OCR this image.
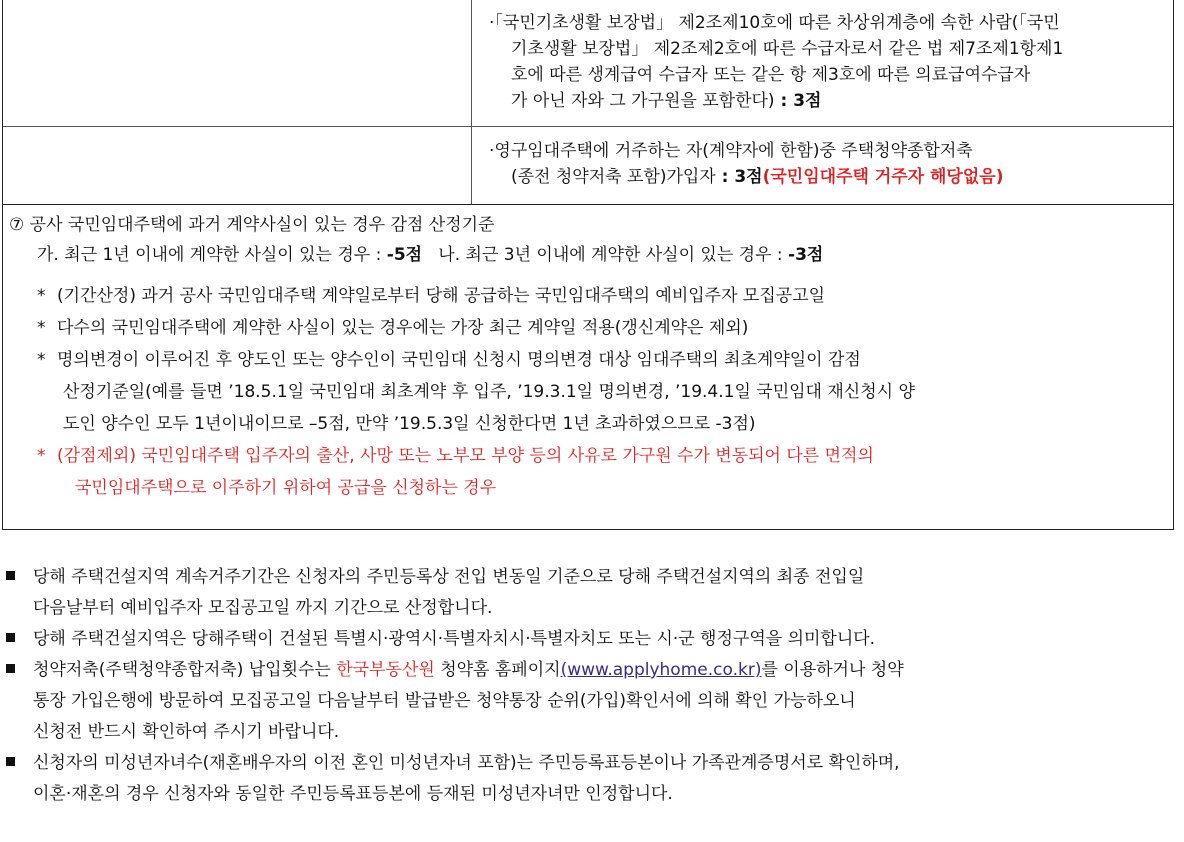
·「국민기초생활 보장법」 제2조제10호에 따른 차상위계층에 속한 사람(「국민
기초생활 보장법」 제2조제2호에 따른 수급자로서 같은 법 제7조제1항제1
호에 따른 생계급여 수급자 또는 같은 항 제3호에 따른 의료급여수급자
가 아닌 자와 그 가구원을 포함한다) : 3점
·영구임대주택에 거주하는 자(계약자에 한함)중 주택청약종합저축
(종전 청약저축 포함)가입자 : 3점(국민임대주택 거주자 해당없음)
⑦ 공사 국민임대주택에 과거 계약사실이 있는 경우 감점 산정기준
가. 최근 1년 이내에 계약한 사실이 있는 경우 : -5점   나. 최근 3년 이내에 계약한 사실이 있는 경우 : -3점
* (기간산정) 과거 공사 국민임대주택 계약일로부터 당해 공급하는 국민임대주택의 예비입주자 모집공고일
* 다수의 국민임대주택에 계약한 사실이 있는 경우에는 가장 최근 계약일 적용(갱신계약은 제외)
* 명의변경이 이루어진 후 양도인 또는 양수인이 국민임대 신청시 명의변경 대상 임대주택의 최초계약일이 감점
산정기준일(예를 들면 ’18.5.1일 국민임대 최초계약 후 입주, ’19.3.1일 명의변경, ’19.4.1일 국민임대 재신청시 양
도인 양수인 모두 1년이내이므로 –5점, 만약 ’19.5.3일 신청한다면 1년 초과하였으므로 -3점)
* (감점제외) 국민임대주택 입주자의 출산, 사망 또는 노부모 부양 등의 사유로 가구원 수가 변동되어 다른 면적의
국민임대주택으로 이주하기 위하여 공급을 신청하는 경우
당해 주택건설지역 계속거주기간은 신청자의 주민등록상 전입 변동일 기준으로 당해 주택건설지역의 최종 전입일
다음날부터 예비입주자 모집공고일 까지 기간으로 산정합니다.
당해 주택건설지역은 당해주택이 건설된 특별시·광역시·특별자치시·특별자치도 또는 시·군 행정구역을 의미합니다.
청약저축(주택청약종합저축) 납입횟수는 한국부동산원 청약홈 홈페이지(www.applyhome.co.kr)를 이용하거나 청약
통장 가입은행에 방문하여 모집공고일 다음날부터 발급받은 청약통장 순위(가입)확인서에 의해 확인 가능하오니
신청전 반드시 확인하여 주시기 바랍니다.
신청자의 미성년자녀수(재혼배우자의 이전 혼인 미성년자녀 포함)는 주민등록표등본이나 가족관계증명서로 확인하며,
이혼·재혼의 경우 신청자와 동일한 주민등록표등본에 등재된 미성년자녀만 인정합니다.
